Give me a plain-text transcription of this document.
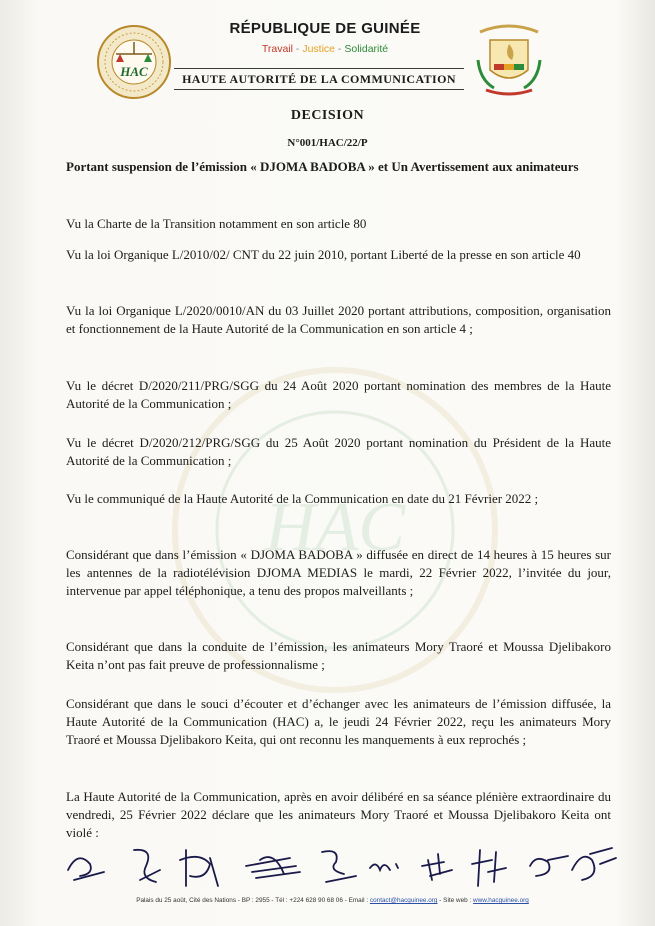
HAC
HAC
RÉPUBLIQUE DE GUINÉE
Travail - Justice - Solidarité
HAUTE AUTORITÉ DE LA COMMUNICATION
DECISION
N°001/HAC/22/P
Portant suspension de l’émission « DJOMA BADOBA » et Un Avertissement aux animateurs
Vu la Charte de la Transition notamment en son article 80
Vu la loi Organique L/2010/02/ CNT du 22 juin 2010, portant Liberté de la presse en son article 40
Vu la loi Organique L/2020/0010/AN du 03 Juillet 2020 portant attributions, composition, organisation et fonctionnement de la Haute Autorité de la Communication en son article 4 ;
Vu le décret D/2020/211/PRG/SGG du 24 Août 2020 portant nomination des membres de la Haute Autorité de la Communication ;
Vu le décret D/2020/212/PRG/SGG du 25 Août 2020 portant nomination du Président de la Haute Autorité de la Communication ;
Vu le communiqué de la Haute Autorité de la Communication en date du 21 Février 2022 ;
Considérant que dans l’émission « DJOMA BADOBA » diffusée en direct de 14 heures à 15 heures sur les antennes de la radiotélévision DJOMA MEDIAS le mardi, 22 Février 2022, l’invitée du jour, intervenue par appel téléphonique, a tenu des propos malveillants ;
Considérant que dans la conduite de l’émission, les animateurs Mory Traoré et Moussa Djelibakoro Keita n’ont pas fait preuve de professionnalisme ;
Considérant que dans le souci d’écouter et d’échanger avec les animateurs de l’émission diffusée, la Haute Autorité de la Communication (HAC) a, le jeudi 24 Février 2022, reçu les animateurs Mory Traoré et Moussa Djelibakoro Keita, qui ont reconnu les manquements à eux reprochés ;
La Haute Autorité de la Communication, après en avoir délibéré en sa séance plénière extraordinaire du vendredi, 25 Février 2022 déclare que les animateurs Mory Traoré et Moussa Djelibakoro Keita ont violé :
Palais du 25 août, Cité des Nations - BP : 2955 - Tél : +224 628 90 68 06 - Email : contact@hacguinee.org - Site web : www.hacguinee.org
